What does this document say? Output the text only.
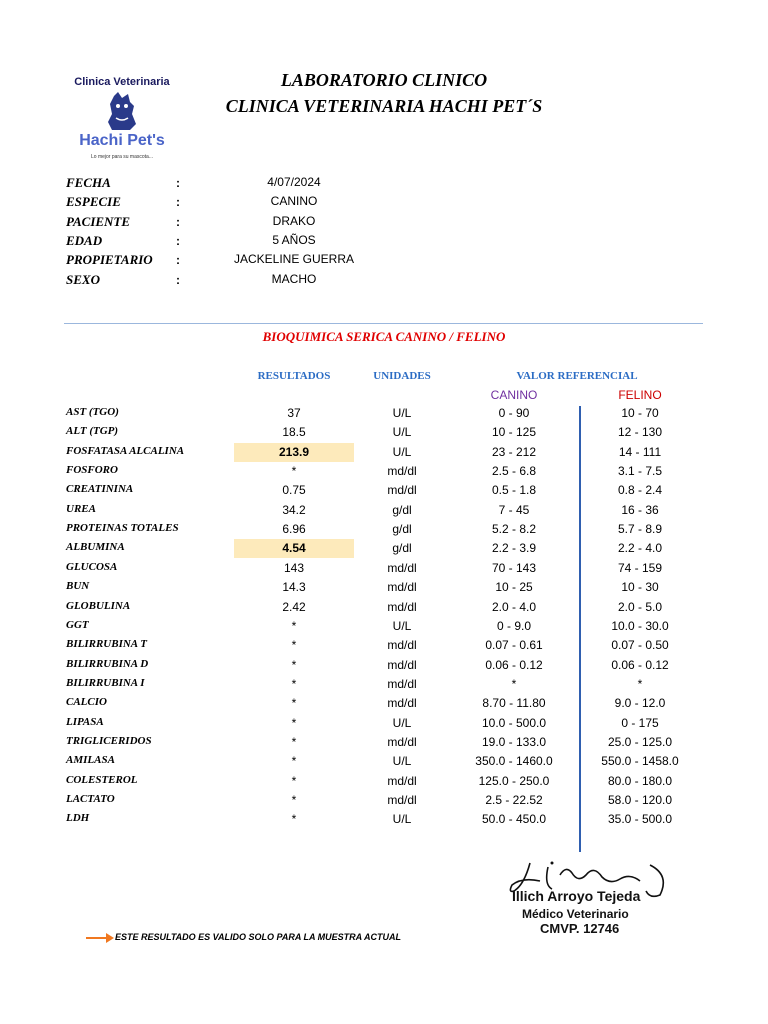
Clinica Veterinaria
Hachi Pet's
Lo mejor para su mascota...
LABORATORIO CLINICO
CLINICA VETERINARIA HACHI PET´S
FECHA	:	4/07/2024
ESPECIE	:	CANINO
PACIENTE	:	DRAKO
EDAD	:	5 AÑOS
PROPIETARIO :	JACKELINE GUERRA
SEXO	:	MACHO
BIOQUIMICA SERICA CANINO / FELINO
RESULTADOS	UNIDADES	VALOR REFERENCIAL
CANINO	FELINO
AST (TGO)	37	U/L	0 - 90	10 - 70
ALT (TGP)	18.5	U/L	10 - 125	12 - 130
FOSFATASA ALCALINA	213.9	U/L	23 - 212	14 - 111
FOSFORO	*	md/dl	2.5 - 6.8	3.1 - 7.5
CREATININA	0.75	md/dl	0.5 - 1.8	0.8 - 2.4
UREA	34.2	g/dl	7 - 45	16 - 36
PROTEINAS TOTALES	6.96	g/dl	5.2 - 8.2	5.7 - 8.9
ALBUMINA	4.54	g/dl	2.2 - 3.9	2.2 - 4.0
GLUCOSA	143	md/dl	70 - 143	74 - 159
BUN	14.3	md/dl	10 - 25	10 - 30
GLOBULINA	2.42	md/dl	2.0 - 4.0	2.0 - 5.0
GGT	*	U/L	0 - 9.0	10.0 - 30.0
BILIRRUBINA T	*	md/dl	0.07 - 0.61	0.07 - 0.50
BILIRRUBINA D	*	md/dl	0.06 - 0.12	0.06 - 0.12
BILIRRUBINA I	*	md/dl	*	*
CALCIO	*	md/dl	8.70 - 11.80	9.0 - 12.0
LIPASA	*	U/L	10.0 - 500.0	0 - 175
TRIGLICERIDOS	*	md/dl	19.0 - 133.0	25.0 - 125.0
AMILASA	*	U/L	350.0 - 1460.0	550.0 - 1458.0
COLESTEROL	*	md/dl	125.0 - 250.0	80.0 - 180.0
LACTATO	*	md/dl	2.5 - 22.52	58.0 - 120.0
LDH	*	U/L	50.0 - 450.0	35.0 - 500.0
Illich Arroyo Tejeda
Médico Veterinario
CMVP. 12746
ESTE RESULTADO ES VALIDO SOLO PARA LA MUESTRA ACTUAL
